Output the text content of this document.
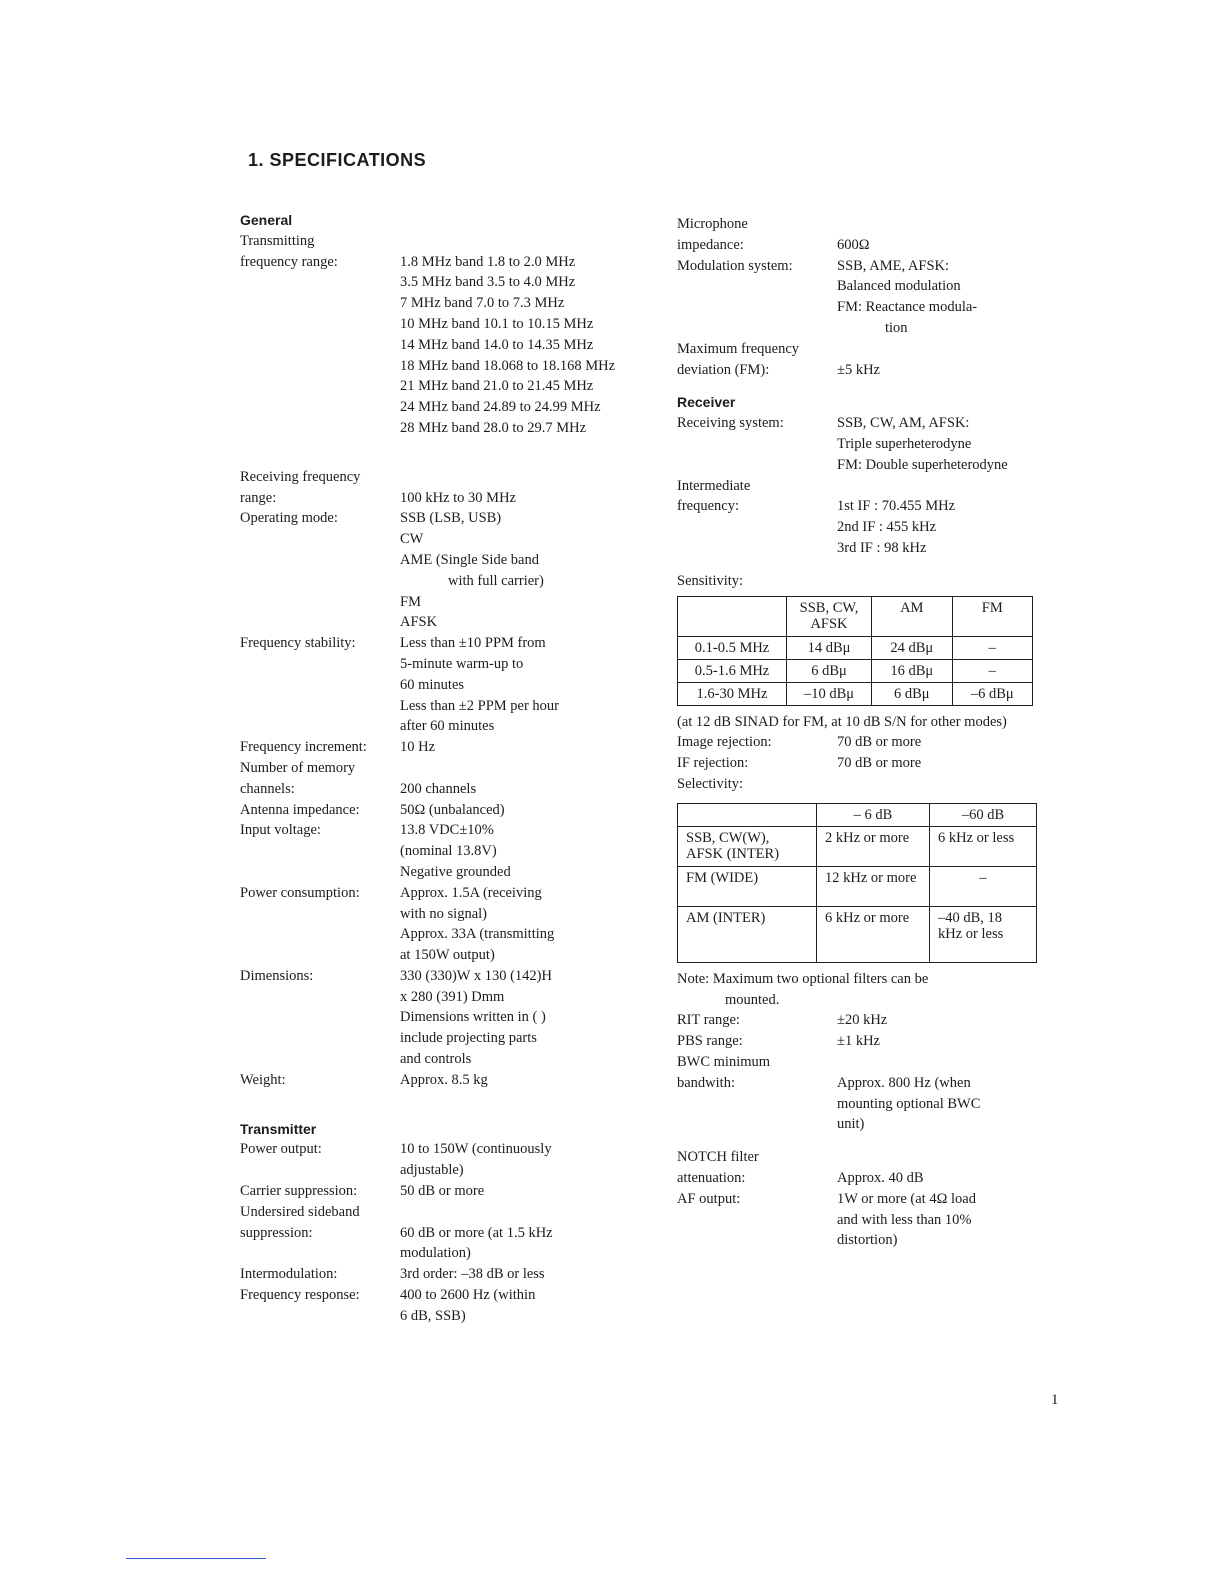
1. SPECIFICATIONS
General
Transmitting
frequency range:	1.8 MHz band 1.8 to 2.0 MHz
3.5 MHz band 3.5 to 4.0 MHz
7 MHz band 7.0 to 7.3 MHz
10 MHz band 10.1 to 10.15 MHz
14 MHz band 14.0 to 14.35 MHz
18 MHz band 18.068 to 18.168 MHz
21 MHz band 21.0 to 21.45 MHz
24 MHz band 24.89 to 24.99 MHz
28 MHz band 28.0 to 29.7 MHz
Receiving frequency
range:	100 kHz to 30 MHz
Operating mode:	SSB (LSB, USB)
CW
AME (Single Side band
with full carrier)
FM
AFSK
Frequency stability:	Less than ±10 PPM from
5-minute warm-up to
60 minutes
Less than ±2 PPM per hour
after 60 minutes
Frequency increment:	10 Hz
Number of memory
channels:	200 channels
Antenna impedance:	50Ω (unbalanced)
Input voltage:	13.8 VDC±10%
(nominal 13.8V)
Negative grounded
Power consumption:	Approx. 1.5A (receiving
with no signal)
Approx. 33A (transmitting
at 150W output)
Dimensions:	330 (330)W x 130 (142)H
x 280 (391) Dmm
Dimensions written in ( )
include projecting parts
and controls
Weight:	Approx. 8.5 kg
Transmitter
Power output:	10 to 150W (continuously
adjustable)
Carrier suppression:	50 dB or more
Undersired sideband
suppression:	60 dB or more (at 1.5 kHz
modulation)
Intermodulation:	3rd order: –38 dB or less
Frequency response:	400 to 2600 Hz (within
6 dB, SSB)
Microphone
impedance:	600Ω
Modulation system:	SSB, AME, AFSK:
Balanced modulation
FM: Reactance modula-
tion
Maximum frequency
deviation (FM):	±5 kHz
Receiver
Receiving system:	SSB, CW, AM, AFSK:
Triple superheterodyne
FM: Double superheterodyne
Intermediate
frequency:	1st IF : 70.455 MHz
2nd IF : 455 kHz
3rd IF : 98 kHz
Sensitivity:
	SSB, CW, AFSK	AM	FM
0.1-0.5 MHz	14 dBμ	24 dBμ	–
0.5-1.6 MHz	6 dBμ	16 dBμ	–
1.6-30 MHz	–10 dBμ	6 dBμ	–6 dBμ
(at 12 dB SINAD for FM, at 10 dB S/N for other modes)
Image rejection:	70 dB or more
IF rejection:	70 dB or more
Selectivity:
	– 6 dB	–60 dB
SSB, CW(W), AFSK (INTER)	2 kHz or more	6 kHz or less
FM (WIDE)	12 kHz or more	–
AM (INTER)	6 kHz or more	–40 dB, 18 kHz or less
Note: Maximum two optional filters can be
mounted.
RIT range:	±20 kHz
PBS range:	±1 kHz
BWC minimum
bandwith:	Approx. 800 Hz (when
mounting optional BWC
unit)
NOTCH filter
attenuation:	Approx. 40 dB
AF output:	1W or more (at 4Ω load
and with less than 10%
distortion)
1
